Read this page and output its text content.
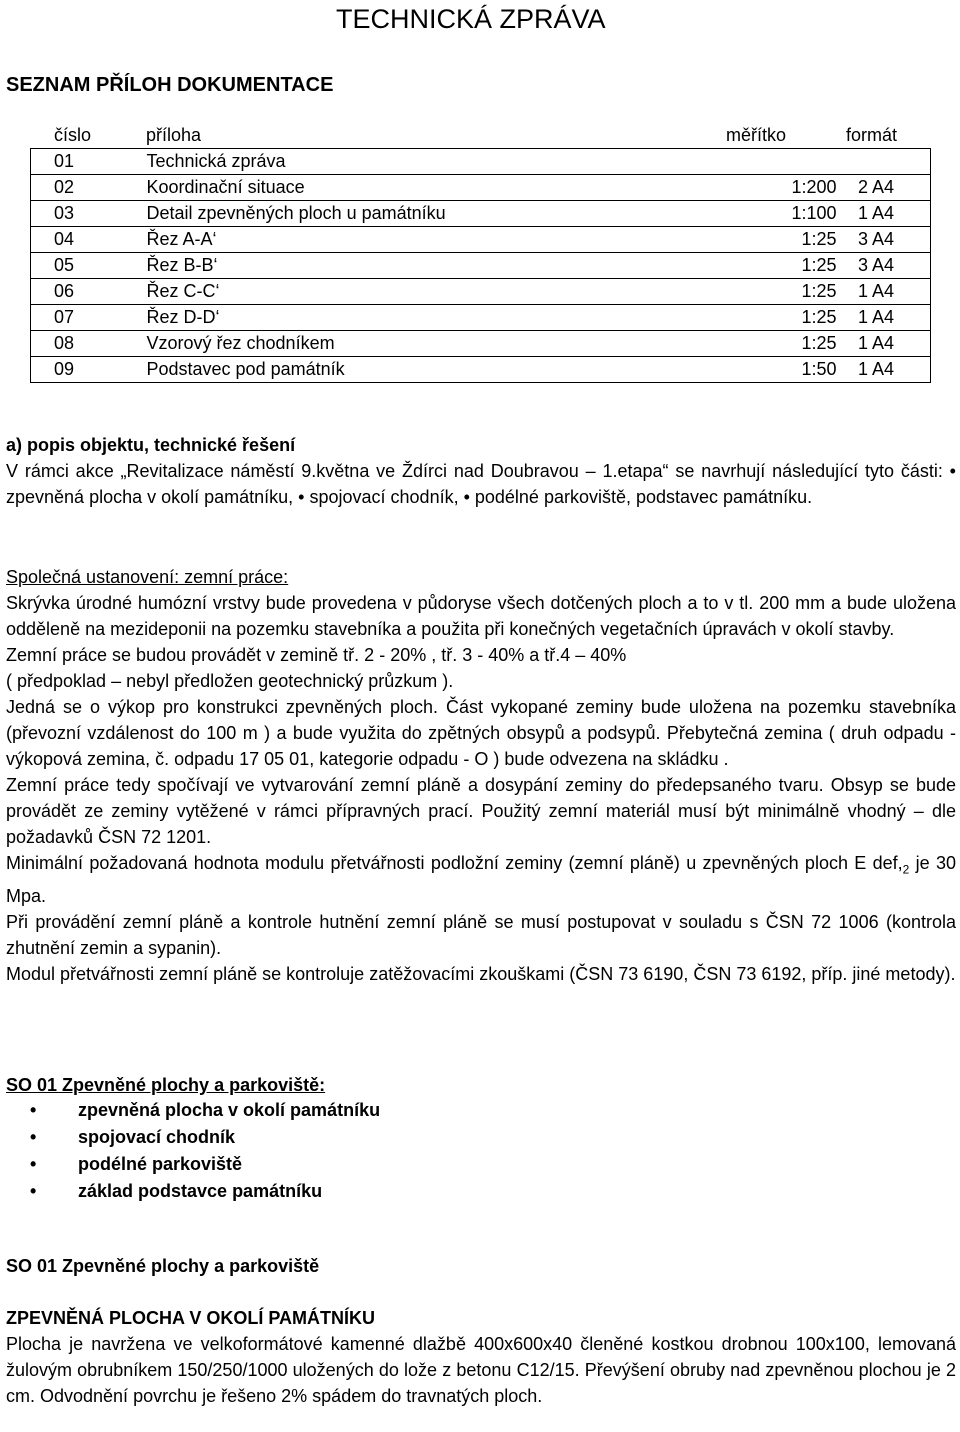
TECHNICKÁ ZPRÁVA
SEZNAM PŘÍLOH DOKUMENTACE
číslo	příloha	měřítko	formát
01	Technická zpráva		
02	Koordinační situace	1:200	2 A4
03	Detail zpevněných ploch u památníku	1:100	1 A4
04	Řez A-A‘	1:25	3 A4
05	Řez B-B‘	1:25	3 A4
06	Řez C-C‘	1:25	1 A4
07	Řez D-D‘	1:25	1 A4
08	Vzorový řez chodníkem	1:25	1 A4
09	Podstavec pod památník	1:50	1 A4

a) popis objektu, technické řešení

V rámci akce „Revitalizace náměstí 9.května ve Ždírci nad Doubravou – 1.etapa“ se navrhují následující tyto části: • zpevněná plocha v okolí památníku, • spojovací chodník, • podélné parkoviště, podstavec památníku.

Společná ustanovení: zemní práce:

Skrývka úrodné humózní vrstvy bude provedena v půdoryse všech dotčených ploch a to v tl. 200 mm a bude uložena odděleně na mezideponii na pozemku stavebníka a použita při konečných vegetačních úpravách v okolí stavby.

Zemní práce se budou provádět v zemině tř. 2 - 20% , tř. 3 - 40% a tř.4 – 40%

( předpoklad – nebyl předložen geotechnický průzkum ).

Jedná se o výkop pro konstrukci zpevněných ploch. Část vykopané zeminy bude uložena na pozemku stavebníka (převozní vzdálenost do 100 m ) a bude využita do zpětných obsypů a podsypů. Přebytečná zemina ( druh odpadu - výkopová zemina, č. odpadu 17 05 01, kategorie odpadu - O ) bude odvezena na skládku .

Zemní práce tedy spočívají ve vytvarování zemní pláně a dosypání zeminy do předepsaného tvaru. Obsyp se bude provádět ze zeminy vytěžené v rámci přípravných prací. Použitý zemní materiál musí být minimálně vhodný – dle požadavků ČSN 72 1201.

Minimální požadovaná hodnota modulu přetvářnosti podložní zeminy (zemní pláně) u zpevněných ploch E $def,_2$ je 30 Mpa.

Při provádění zemní pláně a kontrole hutnění zemní pláně se musí postupovat v souladu s ČSN 72 1006 (kontrola zhutnění zemin a sypanin).

Modul přetvářnosti zemní pláně se kontroluje zatěžovacími zkouškami (ČSN 73 6190, ČSN 73 6192, příp. jiné metody).

SO 01 Zpevněné plochy a parkoviště:

• zpevněná plocha v okolí památníku
• spojovací chodník
• podélné parkoviště
• základ podstavce památníku

SO 01 Zpevněné plochy a parkoviště

ZPEVNĚNÁ PLOCHA V OKOLÍ PAMÁTNÍKU

Plocha je navržena ve velkoformátové kamenné dlažbě 400x600x40 členěné kostkou drobnou 100x100, lemovaná žulovým obrubníkem 150/250/1000 uložených do lože z betonu C12/15. Převýšení obruby nad zpevněnou plochou je 2 cm. Odvodnění povrchu je řešeno 2% spádem do travnatých ploch.
